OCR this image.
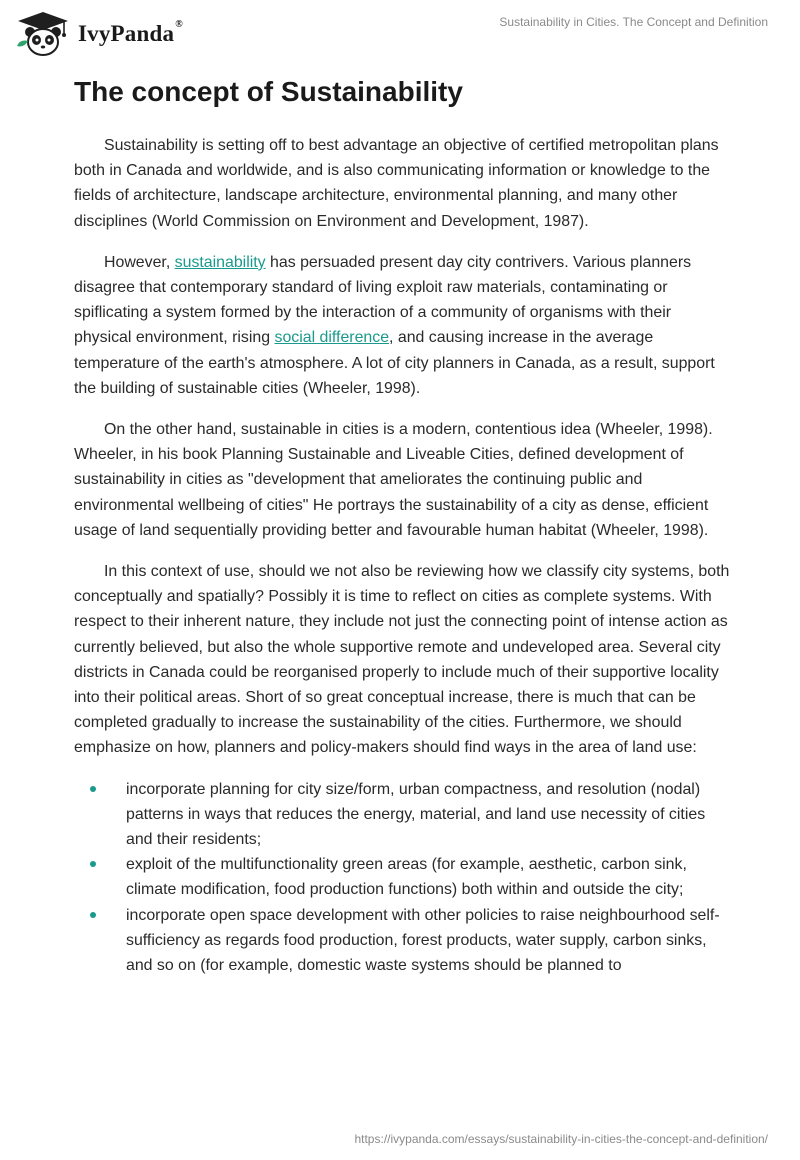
IvyPanda®	Sustainability in Cities. The Concept and Definition
The concept of Sustainability

Sustainability is setting off to best advantage an objective of certified metropolitan plans both in Canada and worldwide, and is also communicating information or knowledge to the fields of architecture, landscape architecture, environmental planning, and many other disciplines (World Commission on Environment and Development, 1987).

However, sustainability has persuaded present day city contrivers. Various planners disagree that contemporary standard of living exploit raw materials, contaminating or spiflicating a system formed by the interaction of a community of organisms with their physical environment, rising social difference, and causing increase in the average temperature of the earth's atmosphere. A lot of city planners in Canada, as a result, support the building of sustainable cities (Wheeler, 1998).

On the other hand, sustainable in cities is a modern, contentious idea (Wheeler, 1998). Wheeler, in his book Planning Sustainable and Liveable Cities, defined development of sustainability in cities as "development that ameliorates the continuing public and environmental wellbeing of cities" He portrays the sustainability of a city as dense, efficient usage of land sequentially providing better and favourable human habitat (Wheeler, 1998).

In this context of use, should we not also be reviewing how we classify city systems, both conceptually and spatially? Possibly it is time to reflect on cities as complete systems. With respect to their inherent nature, they include not just the connecting point of intense action as currently believed, but also the whole supportive remote and undeveloped area. Several city districts in Canada could be reorganised properly to include much of their supportive locality into their political areas. Short of so great conceptual increase, there is much that can be completed gradually to increase the sustainability of the cities. Furthermore, we should emphasize on how, planners and policy-makers should find ways in the area of land use:

incorporate planning for city size/form, urban compactness, and resolution (nodal) patterns in ways that reduces the energy, material, and land use necessity of cities and their residents;
exploit of the multifunctionality green areas (for example, aesthetic, carbon sink, climate modification, food production functions) both within and outside the city;
incorporate open space development with other policies to raise neighbourhood self-sufficiency as regards food production, forest products, water supply, carbon sinks, and so on (for example, domestic waste systems should be planned to
https://ivypanda.com/essays/sustainability-in-cities-the-concept-and-definition/
